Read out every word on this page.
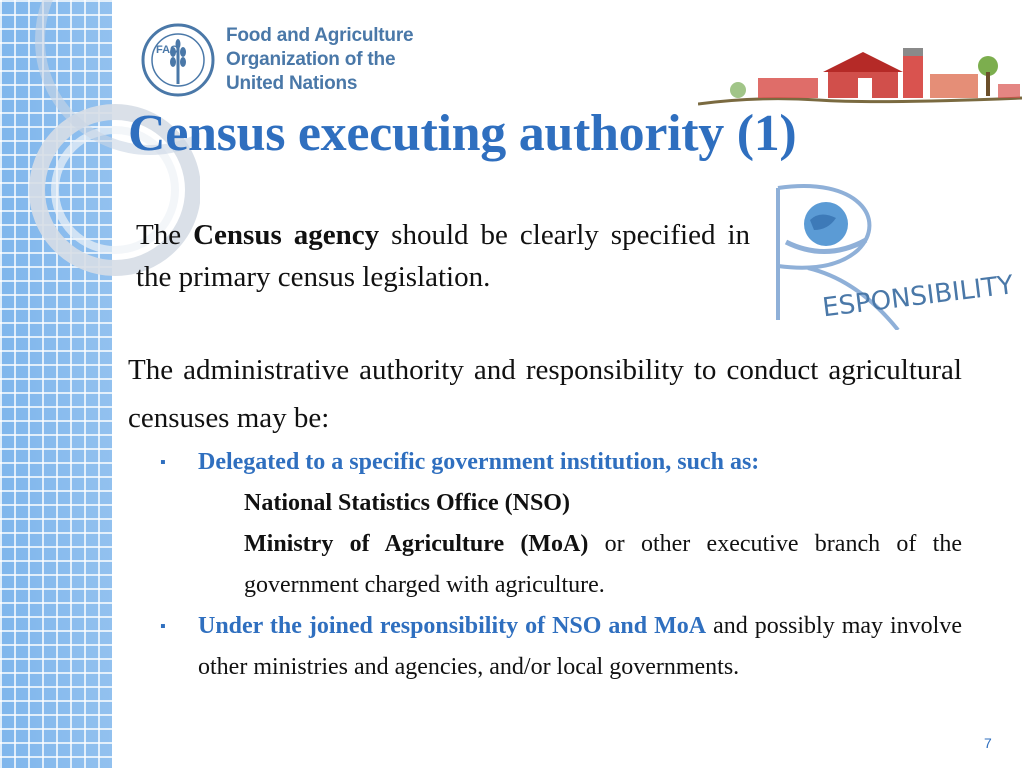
FAO
Food and Agriculture
Organization of the
United Nations
Census executing authority (1)

The Census agency should be clearly specified in the primary census legislation.	ESPONSIBILITY

The administrative authority and responsibility to conduct agricultural censuses may be:

▪ Delegated to a specific government institution, such as:
National Statistics Office (NSO)
Ministry of Agriculture (MoA) or other executive branch of the government charged with agriculture.
▪ Under the joined responsibility of NSO and MoA and possibly may involve other ministries and agencies, and/or local governments.
7
